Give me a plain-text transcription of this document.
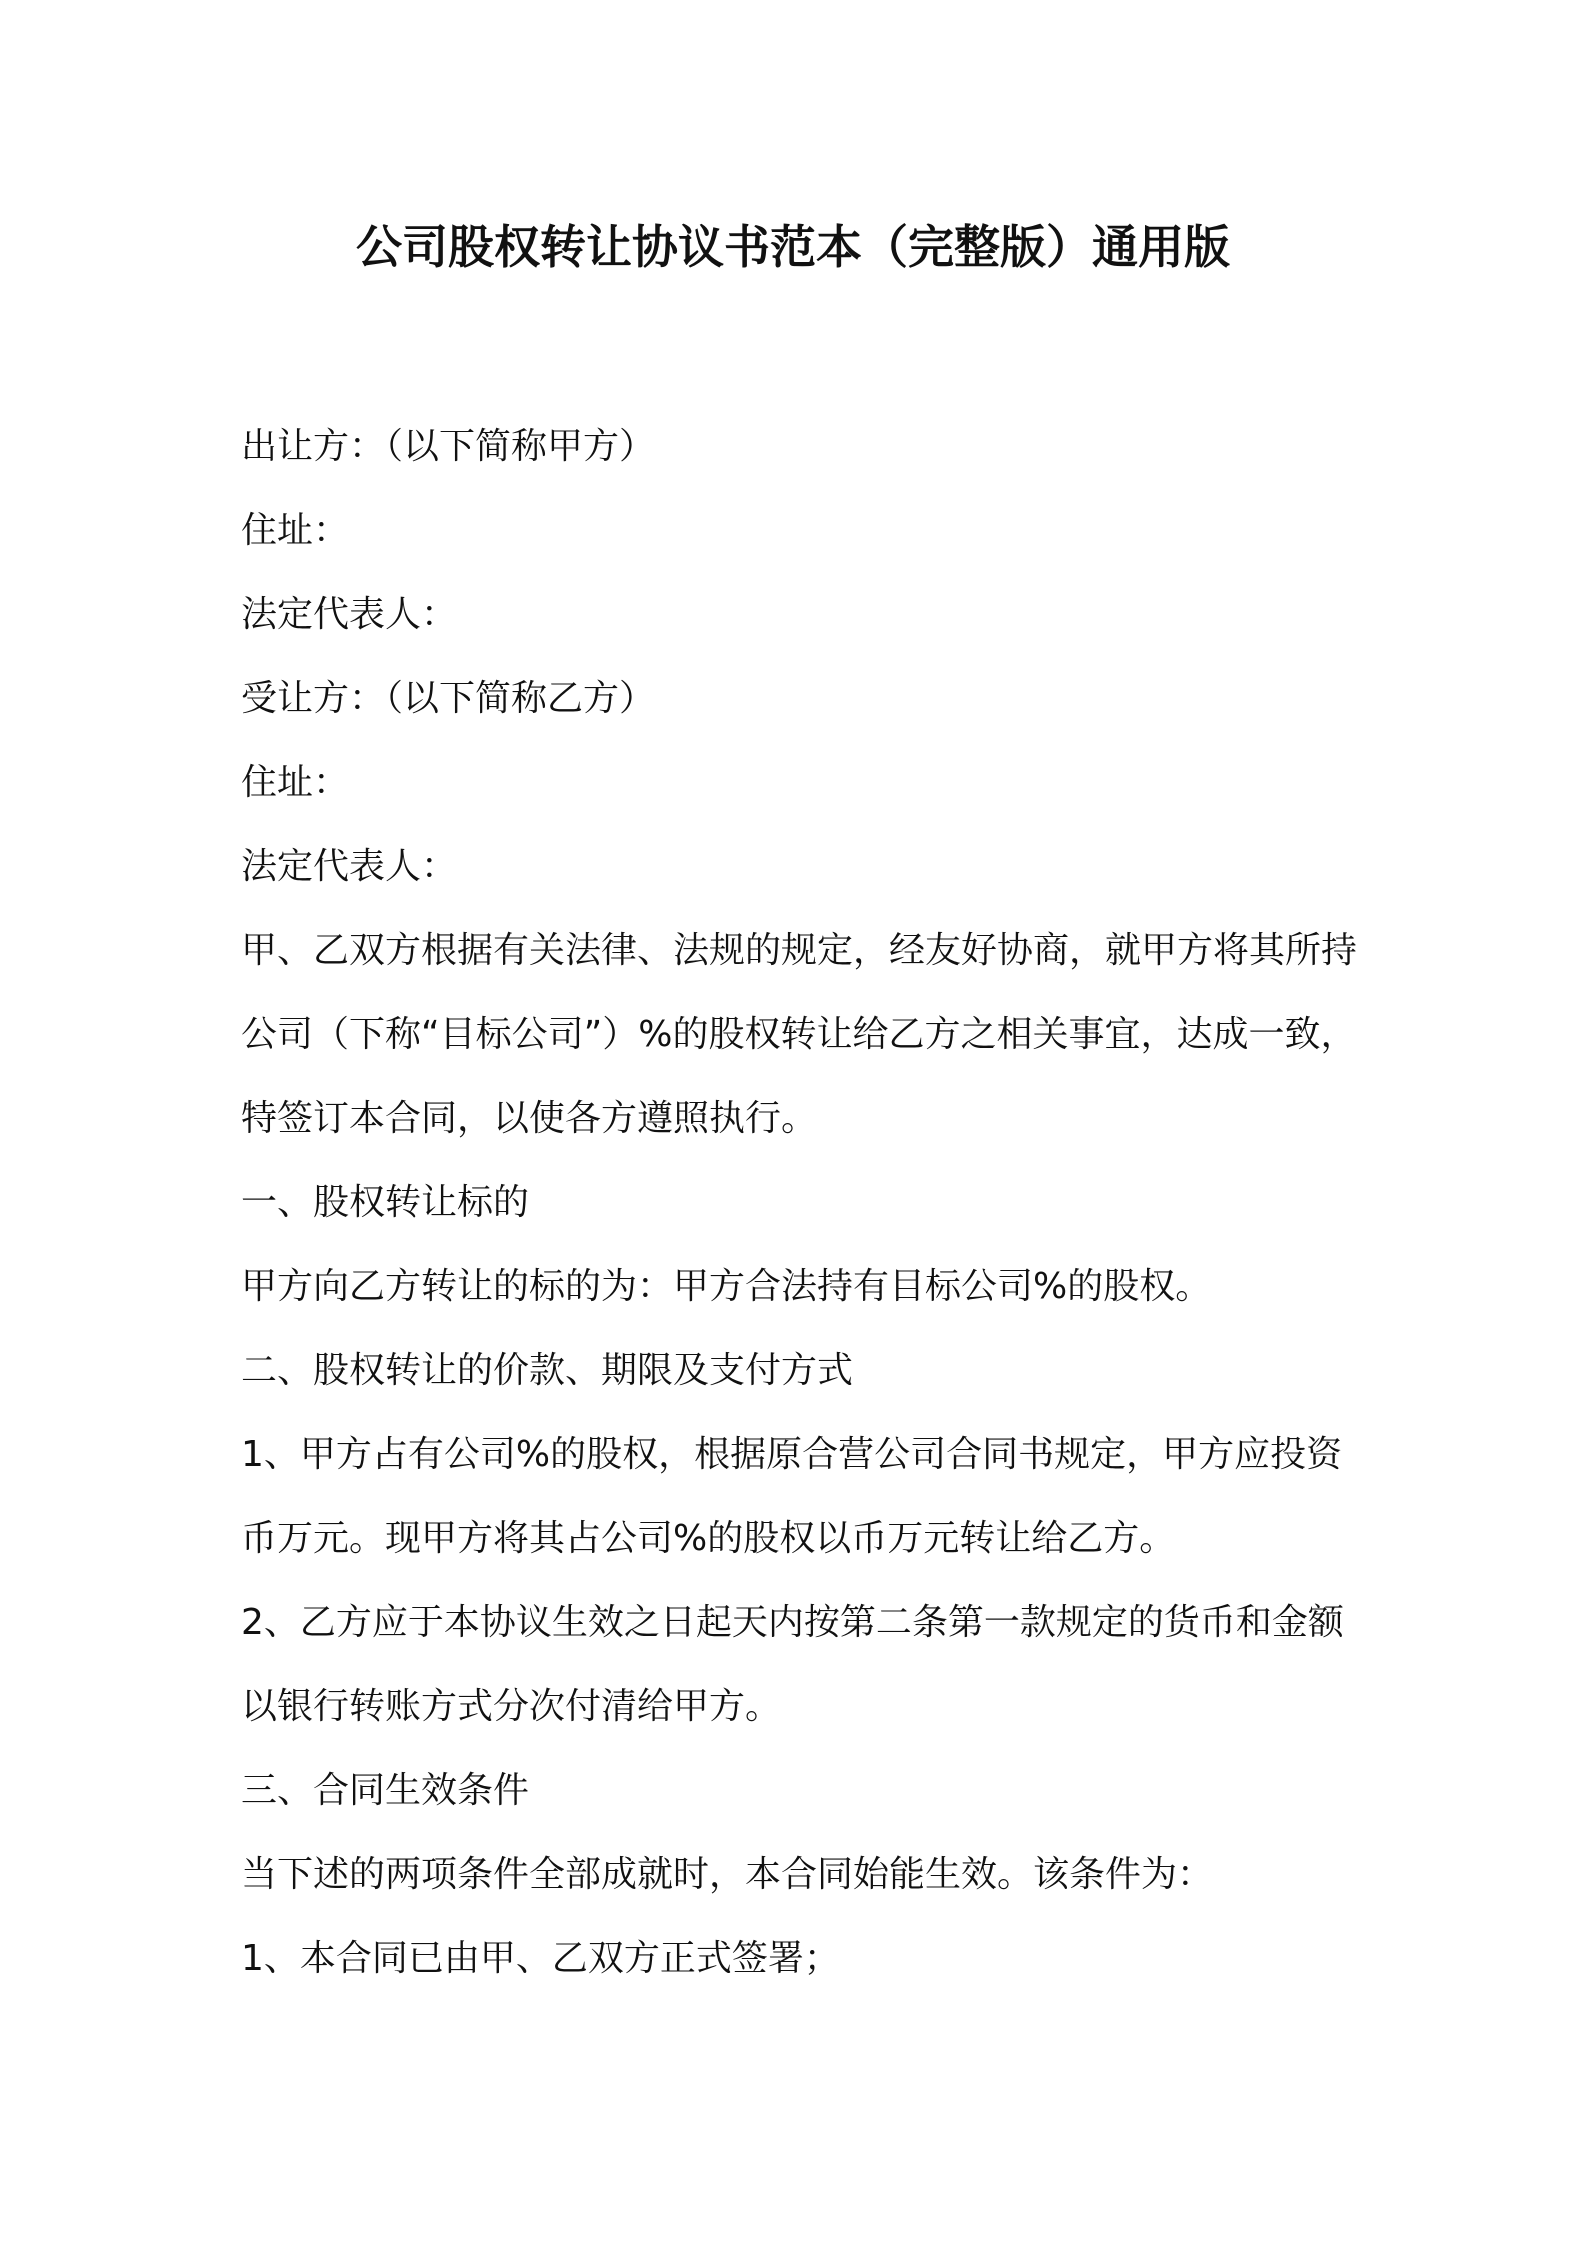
公司股权转让协议书范本（完整版）通用版

出让方：（以下简称甲方）

住址：

法定代表人：

受让方：（以下简称乙方）

住址：

法定代表人：

甲、乙双方根据有关法律、法规的规定，经友好协商，就甲方将其所持公司（下称“目标公司”）%的股权转让给乙方之相关事宜，达成一致，特签订本合同，以使各方遵照执行。

一、股权转让标的

甲方向乙方转让的标的为：甲方合法持有目标公司%的股权。

二、股权转让的价款、期限及支付方式

1、甲方占有公司%的股权，根据原合营公司合同书规定，甲方应投资币万元。现甲方将其占公司%的股权以币万元转让给乙方。

2、乙方应于本协议生效之日起天内按第二条第一款规定的货币和金额以银行转账方式分次付清给甲方。

三、合同生效条件

当下述的两项条件全部成就时，本合同始能生效。该条件为：

1、本合同已由甲、乙双方正式签署；
